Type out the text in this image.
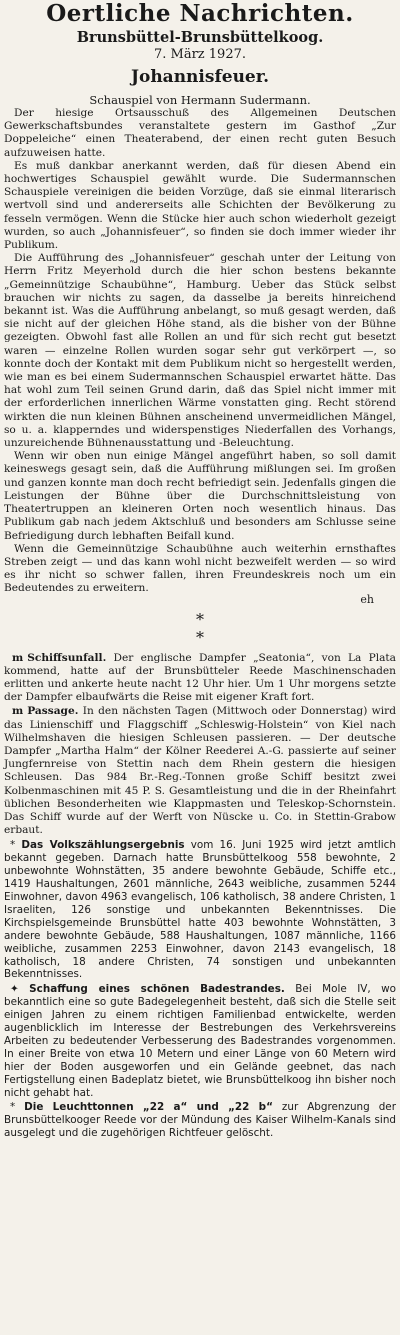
Oertliche Nachrichten.
Brunsbüttel-Brunsbüttelkoog.
7. März 1927.
Johannisfeuer.
Schauspiel von Hermann Sudermann.

Der hiesige Ortsausschuß des Allgemeinen Deutschen Gewerkschaftsbundes veranstaltete gestern im Gasthof „Zur Doppeleiche“ einen Theaterabend, der einen recht guten Besuch aufzuweisen hatte.

Es muß dankbar anerkannt werden, daß für diesen Abend ein hochwertiges Schauspiel gewählt wurde. Die Sudermannschen Schauspiele vereinigen die beiden Vorzüge, daß sie einmal literarisch wertvoll sind und andererseits alle Schichten der Bevölkerung zu fesseln vermögen. Wenn die Stücke hier auch schon wiederholt gezeigt wurden, so auch „Johannisfeuer“, so finden sie doch immer wieder ihr Publikum.

Die Aufführung des „Johannisfeuer“ geschah unter der Leitung von Herrn Fritz Meyerhold durch die hier schon bestens bekannte „Gemeinnützige Schaubühne“, Hamburg. Ueber das Stück selbst brauchen wir nichts zu sagen, da dasselbe ja bereits hinreichend bekannt ist. Was die Aufführung anbelangt, so muß gesagt werden, daß sie nicht auf der gleichen Höhe stand, als die bisher von der Bühne gezeigten. Obwohl fast alle Rollen an und für sich recht gut besetzt waren — einzelne Rollen wurden sogar sehr gut verkörpert —, so konnte doch der Kontakt mit dem Publikum nicht so hergestellt werden, wie man es bei einem Sudermannschen Schauspiel erwartet hätte. Das hat wohl zum Teil seinen Grund darin, daß das Spiel nicht immer mit der erforderlichen innerlichen Wärme vonstatten ging. Recht störend wirkten die nun kleinen Bühnen anscheinend unvermeidlichen Mängel, so u. a. klapperndes und widerspenstiges Niederfallen des Vorhangs, unzureichende Bühnenausstattung und -Beleuchtung.

Wenn wir oben nun einige Mängel angeführt haben, so soll damit keineswegs gesagt sein, daß die Aufführung mißlungen sei. Im großen und ganzen konnte man doch recht befriedigt sein. Jedenfalls gingen die Leistungen der Bühne über die Durchschnittsleistung von Theatertruppen an kleineren Orten noch wesentlich hinaus. Das Publikum gab nach jedem Aktschluß und besonders am Schlusse seine Befriedigung durch lebhaften Beifall kund.

Wenn die Gemeinnützige Schaubühne auch weiterhin ernsthaftes Streben zeigt — und das kann wohl nicht bezweifelt werden — so wird es ihr nicht so schwer fallen, ihren Freundeskreis noch um ein Bedeutendes zu erweitern.

eh
*
*

m Schiffsunfall. Der englische Dampfer „Seatonia“, von La Plata kommend, hatte auf der Brunsbütteler Reede Maschinenschaden erlitten und ankerte heute nacht 12 Uhr hier. Um 1 Uhr morgens setzte der Dampfer elbaufwärts die Reise mit eigener Kraft fort.

m Passage. In den nächsten Tagen (Mittwoch oder Donnerstag) wird das Linienschiff und Flaggschiff „Schleswig-Holstein“ von Kiel nach Wilhelmshaven die hiesigen Schleusen passieren. — Der deutsche Dampfer „Martha Halm“ der Kölner Reederei A.-G. passierte auf seiner Jungfernreise von Stettin nach dem Rhein gestern die hiesigen Schleusen. Das 984 Br.-Reg.-Tonnen große Schiff besitzt zwei Kolbenmaschinen mit 45 P. S. Gesamtleistung und die in der Rheinfahrt üblichen Besonderheiten wie Klappmasten und Teleskop-Schornstein. Das Schiff wurde auf der Werft von Nüscke u. Co. in Stettin-Grabow erbaut.

* Das Volkszählungsergebnis vom 16. Juni 1925 wird jetzt amtlich bekannt gegeben. Darnach hatte Brunsbüttelkoog 558 bewohnte, 2 unbewohnte Wohnstätten, 35 andere bewohnte Gebäude, Schiffe etc., 1419 Haushaltungen, 2601 männliche, 2643 weibliche, zusammen 5244 Einwohner, davon 4963 evangelisch, 106 katholisch, 38 andere Christen, 1 Israeliten, 126 sonstige und unbekannten Bekenntnisses. Die Kirchspielsgemeinde Brunsbüttel hatte 403 bewohnte Wohnstätten, 3 andere bewohnte Gebäude, 588 Haushaltungen, 1087 männliche, 1166 weibliche, zusammen 2253 Einwohner, davon 2143 evangelisch, 18 katholisch, 18 andere Christen, 74 sonstigen und unbekannten Bekenntnisses.

✦ Schaffung eines schönen Badestrandes. Bei Mole IV, wo bekanntlich eine so gute Badegelegenheit besteht, daß sich die Stelle seit einigen Jahren zu einem richtigen Familienbad entwickelte, werden augenblicklich im Interesse der Bestrebungen des Verkehrsvereins Arbeiten zu bedeutender Verbesserung des Badestrandes vorgenommen. In einer Breite von etwa 10 Metern und einer Länge von 60 Metern wird hier der Boden ausgeworfen und ein Gelände geebnet, das nach Fertigstellung einen Badeplatz bietet, wie Brunsbüttelkoog ihn bisher noch nicht gehabt hat.

* Die Leuchttonnen „22 a“ und „22 b“ zur Abgrenzung der Brunsbüttelkooger Reede vor der Mündung des Kaiser Wilhelm-Kanals sind ausgelegt und die zugehörigen Richtfeuer gelöscht.
